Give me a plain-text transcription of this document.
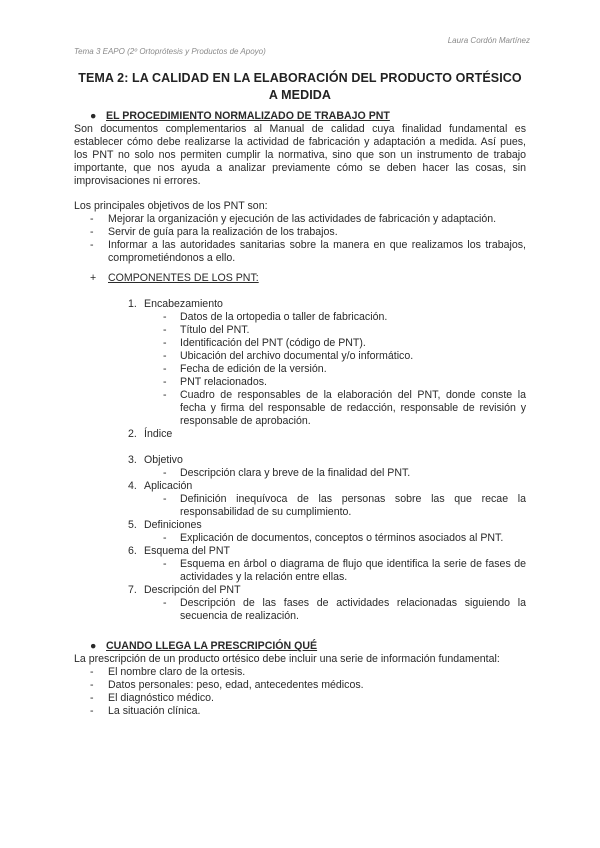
Laura Cordón Martínez
Tema 3 EAPO (2º Ortoprótesis y Productos de Apoyo)
TEMA 2: LA CALIDAD EN LA ELABORACIÓN DEL PRODUCTO ORTÉSICO
A MEDIDA
● EL PROCEDIMIENTO NORMALIZADO DE TRABAJO PNT
Son documentos complementarios al Manual de calidad cuya finalidad fundamental es establecer cómo debe realizarse la actividad de fabricación y adaptación a medida. Así pues, los PNT no solo nos permiten cumplir la normativa, sino que son un instrumento de trabajo importante, que nos ayuda a analizar previamente cómo se deben hacer las cosas, sin improvisaciones ni errores.
Los principales objetivos de los PNT son:
- Mejorar la organización y ejecución de las actividades de fabricación y adaptación.
- Servir de guía para la realización de los trabajos.
- Informar a las autoridades sanitarias sobre la manera en que realizamos los trabajos, comprometiéndonos a ello.
+ COMPONENTES DE LOS PNT:
1. Encabezamiento
- Datos de la ortopedia o taller de fabricación.
- Título del PNT.
- Identificación del PNT (código de PNT).
- Ubicación del archivo documental y/o informático.
- Fecha de edición de la versión.
- PNT relacionados.
- Cuadro de responsables de la elaboración del PNT, donde conste la fecha y firma del responsable de redacción, responsable de revisión y responsable de aprobación.
2. Índice
3. Objetivo
- Descripción clara y breve de la finalidad del PNT.
4. Aplicación
- Definición inequívoca de las personas sobre las que recae la responsabilidad de su cumplimiento.
5. Definiciones
- Explicación de documentos, conceptos o términos asociados al PNT.
6. Esquema del PNT
- Esquema en árbol o diagrama de flujo que identifica la serie de fases de actividades y la relación entre ellas.
7. Descripción del PNT
- Descripción de las fases de actividades relacionadas siguiendo la secuencia de realización.
● CUANDO LLEGA LA PRESCRIPCIÓN QUÉ
La prescripción de un producto ortésico debe incluir una serie de información fundamental:
- El nombre claro de la ortesis.
- Datos personales: peso, edad, antecedentes médicos.
- El diagnóstico médico.
- La situación clínica.
